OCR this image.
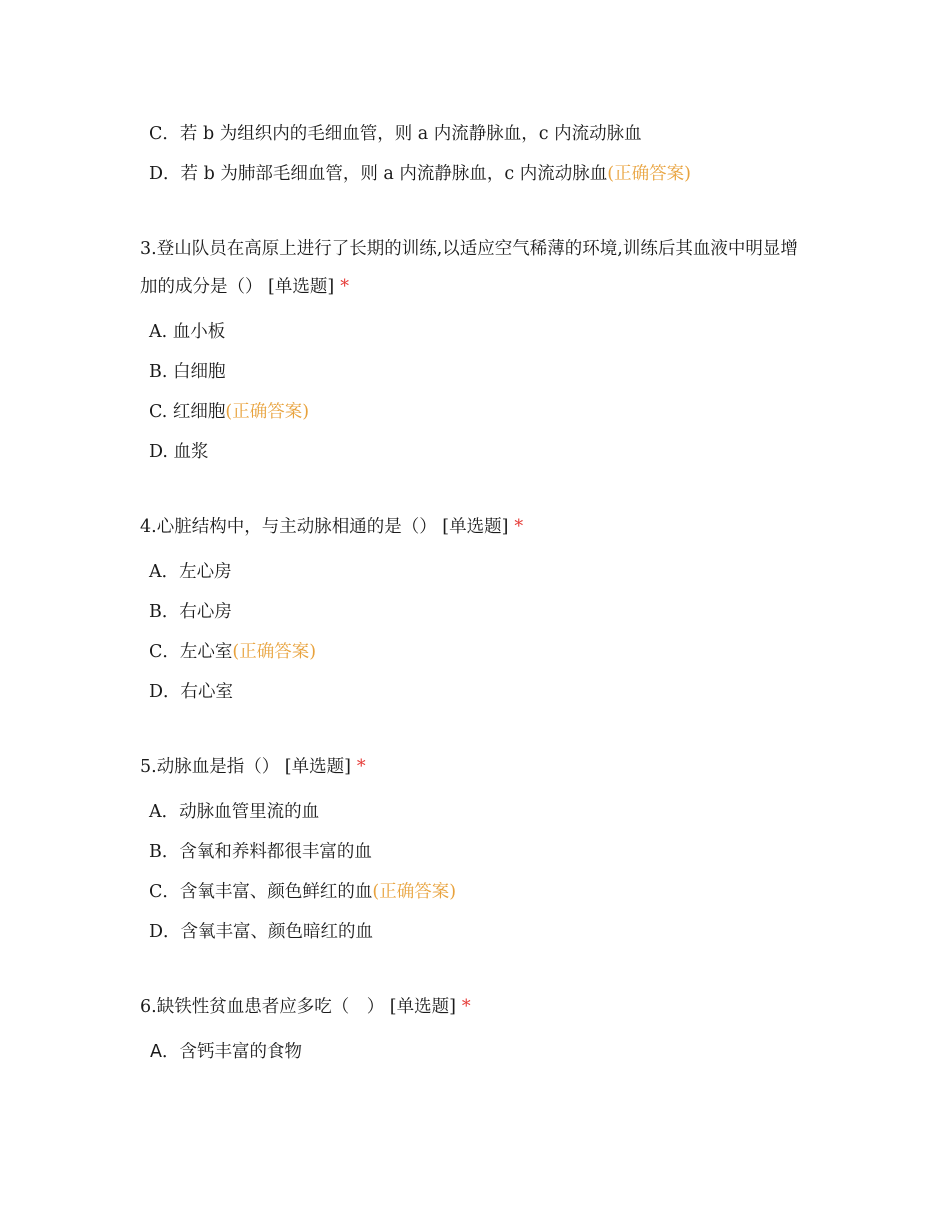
C．若 b 为组织内的毛细血管，则 a 内流静脉血，c 内流动脉血
D．若 b 为肺部毛细血管，则 a 内流静脉血，c 内流动脉血(正确答案)
3.登山队员在高原上进行了长期的训练,以适应空气稀薄的环境,训练后其血液中明显增加的成分是（） [单选题] *
A. 血小板
B. 白细胞
C. 红细胞(正确答案)
D. 血浆
4.心脏结构中，与主动脉相通的是（） [单选题] *
A．左心房
B．右心房
C．左心室(正确答案)
D．右心室
5.动脉血是指（） [单选题] *
A．动脉血管里流的血
B．含氧和养料都很丰富的血
C．含氧丰富、颜色鲜红的血(正确答案)
D．含氧丰富、颜色暗红的血
6.缺铁性贫血患者应多吃（　） [单选题] *
A．含钙丰富的食物
